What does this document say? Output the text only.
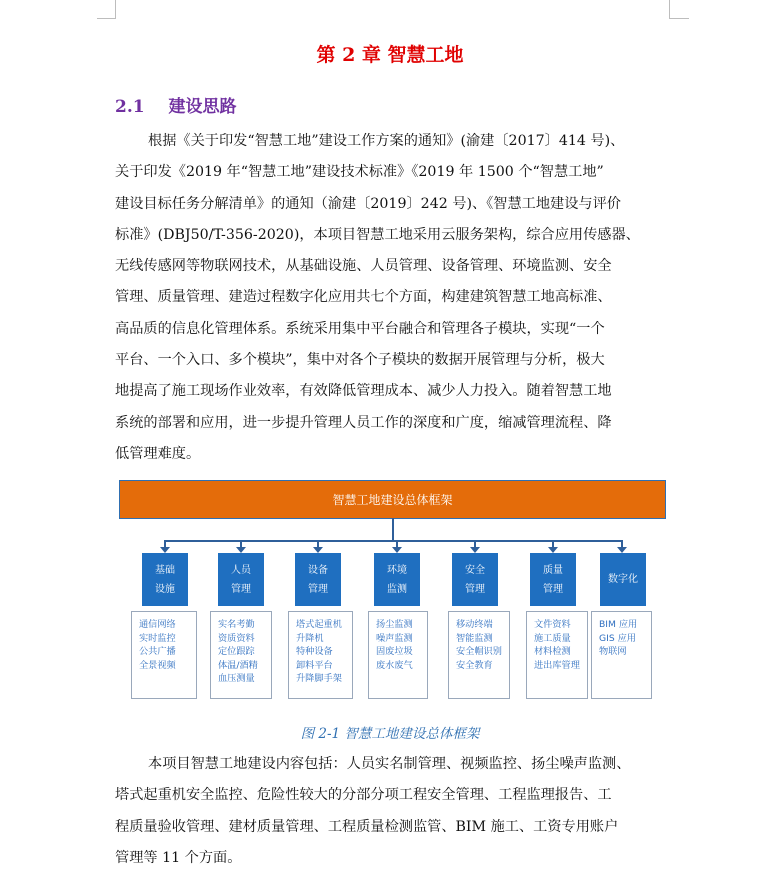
第 2 章 智慧工地
2.1 建设思路
根据《关于印发“智慧工地”建设工作方案的通知》(渝建〔2017〕414 号)、
关于印发《2019 年“智慧工地”建设技术标准》《2019 年 1500 个“智慧工地”
建设目标任务分解清单》的通知（渝建〔2019〕242 号)、《智慧工地建设与评价
标准》(DBJ50/T-356-2020)，本项目智慧工地采用云服务架构，综合应用传感器、
无线传感网等物联网技术，从基础设施、人员管理、设备管理、环境监测、安全
管理、质量管理、建造过程数字化应用共七个方面，构建建筑智慧工地高标准、
高品质的信息化管理体系。系统采用集中平台融合和管理各子模块，实现“一个
平台、一个入口、多个模块”，集中对各个子模块的数据开展管理与分析，极大
地提高了施工现场作业效率，有效降低管理成本、减少人力投入。随着智慧工地
系统的部署和应用，进一步提升管理人员工作的深度和广度，缩减管理流程、降
低管理难度。
智慧工地建设总体框架
基础
设施
通信网络
实时监控
公共广播
全景视频
人员
管理
实名考勤
资质资料
定位跟踪
体温/酒精
血压测量
设备
管理
塔式起重机
升降机
特种设备
卸料平台
升降脚手架
环境
监测
扬尘监测
噪声监测
固废垃圾
废水废气
安全
管理
移动终端
智能监测
安全帽识别
安全教育
质量
管理
文件资料
施工质量
材料检测
进出库管理
数字化
BIM 应用
GIS 应用
物联网
图 2-1 智慧工地建设总体框架
本项目智慧工地建设内容包括：人员实名制管理、视频监控、扬尘噪声监测、
塔式起重机安全监控、危险性较大的分部分项工程安全管理、工程监理报告、工
程质量验收管理、建材质量管理、工程质量检测监管、BIM 施工、工资专用账户
管理等 11 个方面。
